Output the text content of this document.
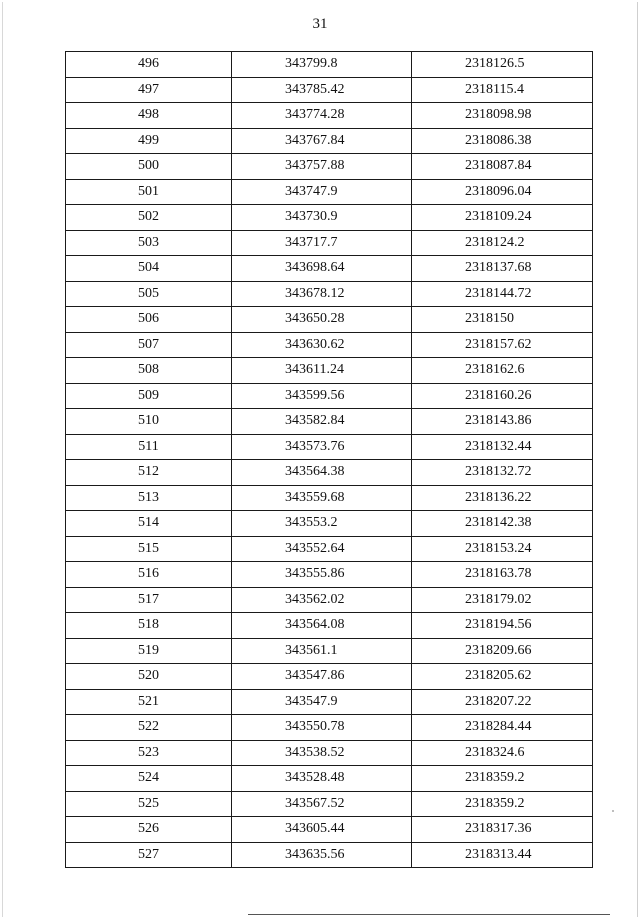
31
496	343799.8	2318126.5
497	343785.42	2318115.4
498	343774.28	2318098.98
499	343767.84	2318086.38
500	343757.88	2318087.84
501	343747.9	2318096.04
502	343730.9	2318109.24
503	343717.7	2318124.2
504	343698.64	2318137.68
505	343678.12	2318144.72
506	343650.28	2318150
507	343630.62	2318157.62
508	343611.24	2318162.6
509	343599.56	2318160.26
510	343582.84	2318143.86
511	343573.76	2318132.44
512	343564.38	2318132.72
513	343559.68	2318136.22
514	343553.2	2318142.38
515	343552.64	2318153.24
516	343555.86	2318163.78
517	343562.02	2318179.02
518	343564.08	2318194.56
519	343561.1	2318209.66
520	343547.86	2318205.62
521	343547.9	2318207.22
522	343550.78	2318284.44
523	343538.52	2318324.6
524	343528.48	2318359.2
525	343567.52	2318359.2
526	343605.44	2318317.36
527	343635.56	2318313.44
